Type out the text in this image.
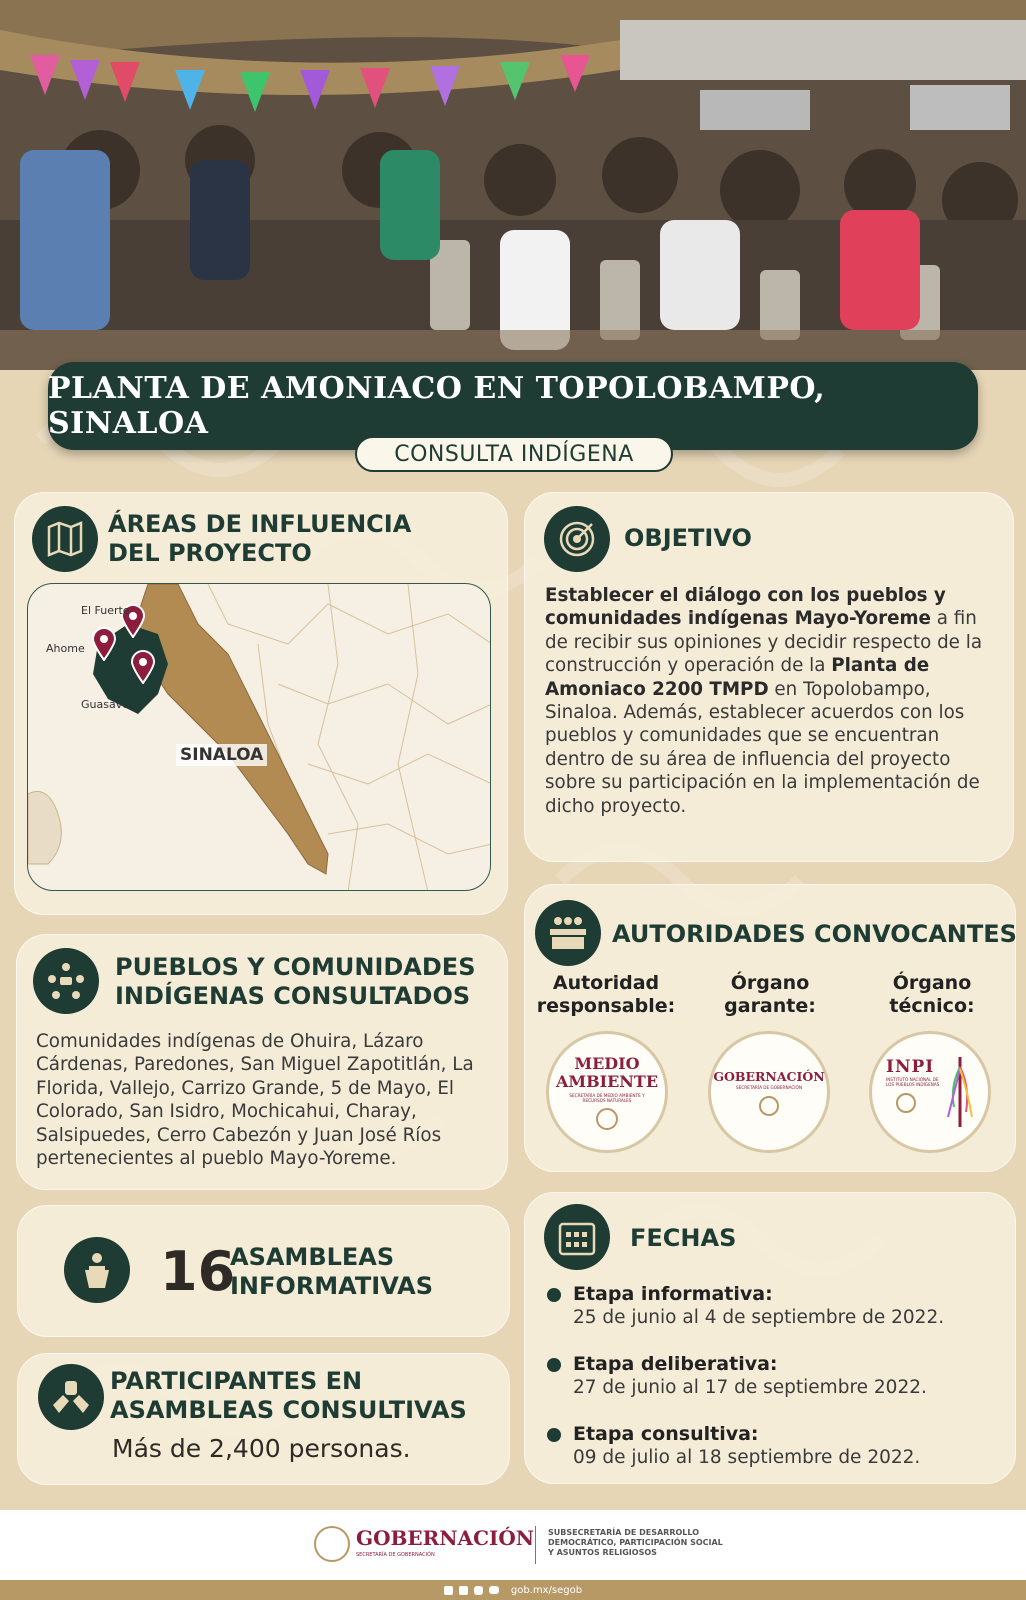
PLANTA DE AMONIACO EN TOPOLOBAMPO, SINALOA
CONSULTA INDÍGENA
ÁREAS DE INFLUENCIA
DEL PROYECTO
El Fuerte
Ahome
Guasave
SINALOA
OBJETIVO
Establecer el diálogo con los pueblos y comunidades indígenas Mayo-Yoreme a fin de recibir sus opiniones y decidir respecto de la construcción y operación de la Planta de Amoniaco 2200 TMPD en Topolobampo, Sinaloa. Además, establecer acuerdos con los pueblos y comunidades que se encuentran dentro de su área de influencia del proyecto sobre su participación en la implementación de dicho proyecto.
PUEBLOS Y COMUNIDADES
INDÍGENAS CONSULTADOS
Comunidades indígenas de Ohuira, Lázaro Cárdenas, Paredones, San Miguel Zapotitlán, La Florida, Vallejo, Carrizo Grande, 5 de Mayo, El Colorado, San Isidro, Mochicahui, Charay, Salsipuedes, Cerro Cabezón y Juan José Ríos pertenecientes al pueblo Mayo-Yoreme.
AUTORIDADES CONVOCANTES
Autoridad
responsable:
Órgano
garante:
Órgano
técnico:
MEDIO
AMBIENTE
SECRETARÍA DE MEDIO AMBIENTE Y RECURSOS NATURALES
GOBERNACIÓN
SECRETARÍA DE GOBERNACIÓN
INPI
INSTITUTO NACIONAL DE LOS PUEBLOS INDÍGENAS
16
ASAMBLEAS
INFORMATIVAS
PARTICIPANTES EN
ASAMBLEAS CONSULTIVAS
Más de 2,400 personas.
FECHAS
Etapa informativa:
25 de junio al 4 de septiembre de 2022.
Etapa deliberativa:
27 de junio al 17 de septiembre 2022.
Etapa consultiva:
09 de julio al 18 septiembre de 2022.
GOBERNACIÓN
SECRETARÍA DE GOBERNACIÓN
SUBSECRETARÍA DE DESARROLLO
DEMOCRÁTICO, PARTICIPACIÓN SOCIAL
Y ASUNTOS RELIGIOSOS
gob.mx/segob
